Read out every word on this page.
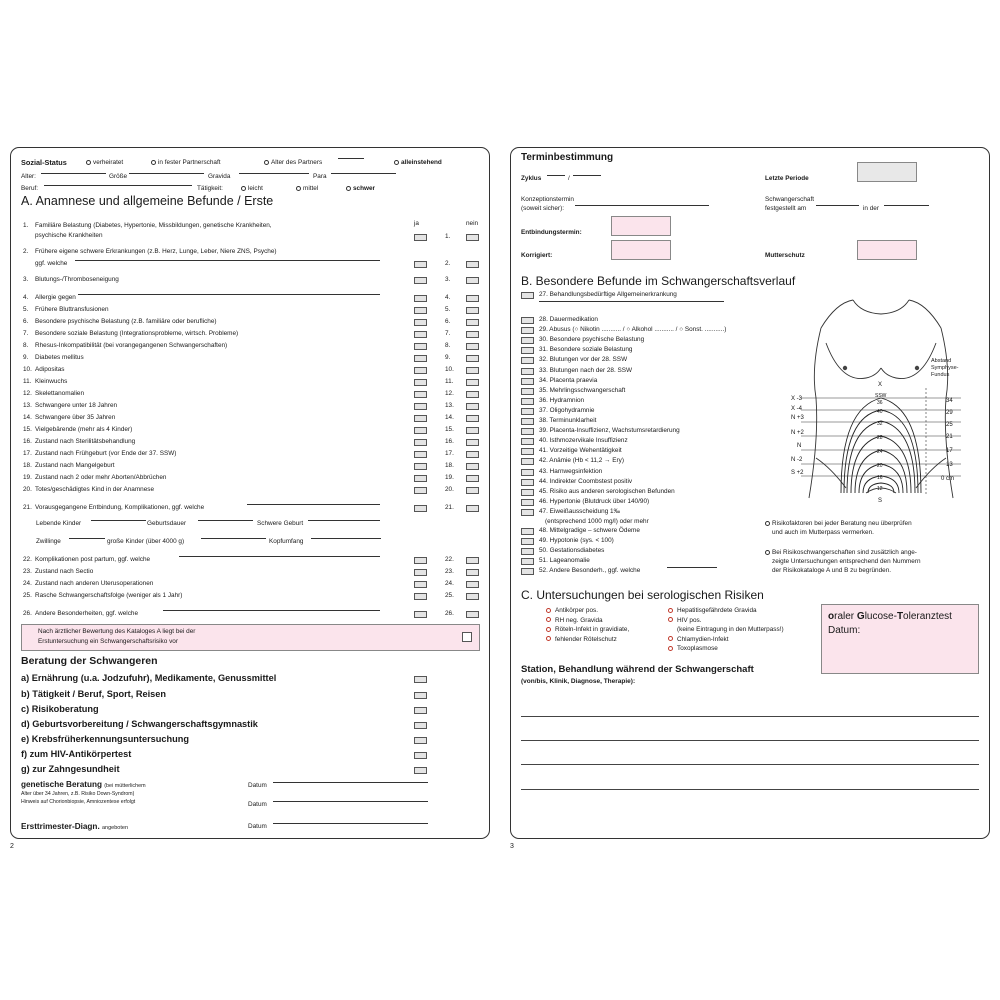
Sozial-Status	verheiratet	in fester Partnerschaft	Alter des Partners	alleinstehend
Alter:	Größe	Gravida	Para
Beruf:	Tätigkeit:	leicht	mittel	schwer
A. Anamnese und allgemeine Befunde / Erste
ja	nein
1. Familiäre Belastung (Diabetes, Hypertonie, Missbildungen, genetische Krankheiten,
psychische Krankheiten	1.
2. Frühere eigene schwere Erkrankungen (z.B. Herz, Lunge, Leber, Niere ZNS, Psyche)
ggf. welche	2.
3. Blutungs-/Thromboseneigung	3.
4. Allergie gegen	4.
5. Frühere Bluttransfusionen	5.
6. Besondere psychische Belastung (z.B. familiäre oder berufliche)	6.
7. Besondere soziale Belastung (Integrationsprobleme, wirtsch. Probleme)	7.
8. Rhesus-Inkompatibilität (bei vorangegangenen Schwangerschaften)	8.
9. Diabetes mellitus	9.
10. Adipositas	10.
11. Kleinwuchs	11.
12. Skelettanomalien	12.
13. Schwangere unter 18 Jahren	13.
14. Schwangere über 35 Jahren	14.
15. Vielgebärende (mehr als 4 Kinder)	15.
16. Zustand nach Sterilitätsbehandlung	16.
17. Zustand nach Frühgeburt (vor Ende der 37. SSW)	17.
18. Zustand nach Mangelgeburt	18.
19. Zustand nach 2 oder mehr Aborten/Abbrüchen	19.
20. Totes/geschädigtes Kind in der Anamnese	20.
21. Vorausgegangene Entbindung, Komplikationen, ggf. welche	21.
22. Komplikationen post partum, ggf. welche	22.
23. Zustand nach Sectio	23.
24. Zustand nach anderen Uterusoperationen	24.
25. Rasche Schwangerschaftsfolge (weniger als 1 Jahr)	25.
26. Andere Besonderheiten, ggf. welche	26.
Lebende Kinder	Geburtsdauer	Schwere Geburt
Zwillinge	große Kinder (über 4000 g)	Kopfumfang
Nach ärztlicher Bewertung des Kataloges A liegt bei der
Erstuntersuchung ein Schwangerschaftsrisiko vor
Beratung der Schwangeren
a) Ernährung (u.a. Jodzufuhr), Medikamente, Genussmittel
b) Tätigkeit / Beruf, Sport, Reisen
c) Risikoberatung
d) Geburtsvorbereitung / Schwangerschaftsgymnastik
e) Krebsfrüherkennungsuntersuchung
f) zum HIV-Antikörpertest
g) zur Zahngesundheit
genetische Beratung (bei mütterlichem
Alter über 34 Jahren, z.B. Risiko Down-Syndrom)
Hinweis auf Chorionbiopsie, Amniozentese erfolgt
Datum
Datum
Ersttrimester-Diagn. angeboten	Datum
2
Terminbestimmung
Zyklus	/	Letzte Periode
Konzeptionstermin
(soweit sicher):
Schwangerschaft
festgestellt am	in der
Entbindungstermin:
Korrigiert:	Mutterschutz
B. Besondere Befunde im Schwangerschaftsverlauf
27. Behandlungsbedürftige Allgemeinerkrankung
28. Dauermedikation
29. Abusus (○ Nikotin ........... / ○ Alkohol ........... / ○ Sonst. ...........)
30. Besondere psychische Belastung
31. Besondere soziale Belastung
32. Blutungen vor der 28. SSW
33. Blutungen nach der 28. SSW
34. Placenta praevia
35. Mehrlingsschwangerschaft
36. Hydramnion
37. Oligohydramnie
38. Terminunklarheit
39. Placenta-Insuffizienz, Wachstumsretardierung
40. Isthmozervikale Insuffizienz
41. Vorzeitige Wehentätigkeit
42. Anämie (Hb < 11,2 → Ery)
43. Harnwegsinfektion
44. Indirekter Coombstest positiv
45. Risiko aus anderen serologischen Befunden
46. Hypertonie (Blutdruck über 140/90)
47. Eiweißausscheidung 1‰
48. Mittelgradige – schwere Ödeme
49. Hypotonie (sys. < 100)
50. Gestationsdiabetes
51. Lageanomalie
52. Andere Besonderh., ggf. welche
(entsprechend 1000 mg/l) oder mehr
X -3
X -4
N +3
N +2
N
N -2
S +2
34
29
25
21
17
13
0 cm
SSW
36
40
32
28
24
20
16
12
X
S
Abstand
Symphyse-
Fundus
Risikofaktoren bei jeder Beratung neu überprüfen
und auch im Mutterpass vermerken.
Bei Risikoschwangerschaften sind zusätzlich ange-
zeigte Untersuchungen entsprechend den Nummern
der Risikokataloge A und B zu begründen.
C. Untersuchungen bei serologischen Risiken
Antikörper pos.
RH neg. Gravida
Röteln-Infekt in gravidiate,
fehlender Rötelschutz
Hepatitisgefährdete Gravida
HIV pos.
(keine Eintragung in den Mutterpass!)
Chlamydien-Infekt
Toxoplasmose
oraler Glucose-Toleranztest
Datum:
Station, Behandlung während der Schwangerschaft
(von/bis, Klinik, Diagnose, Therapie):
3
